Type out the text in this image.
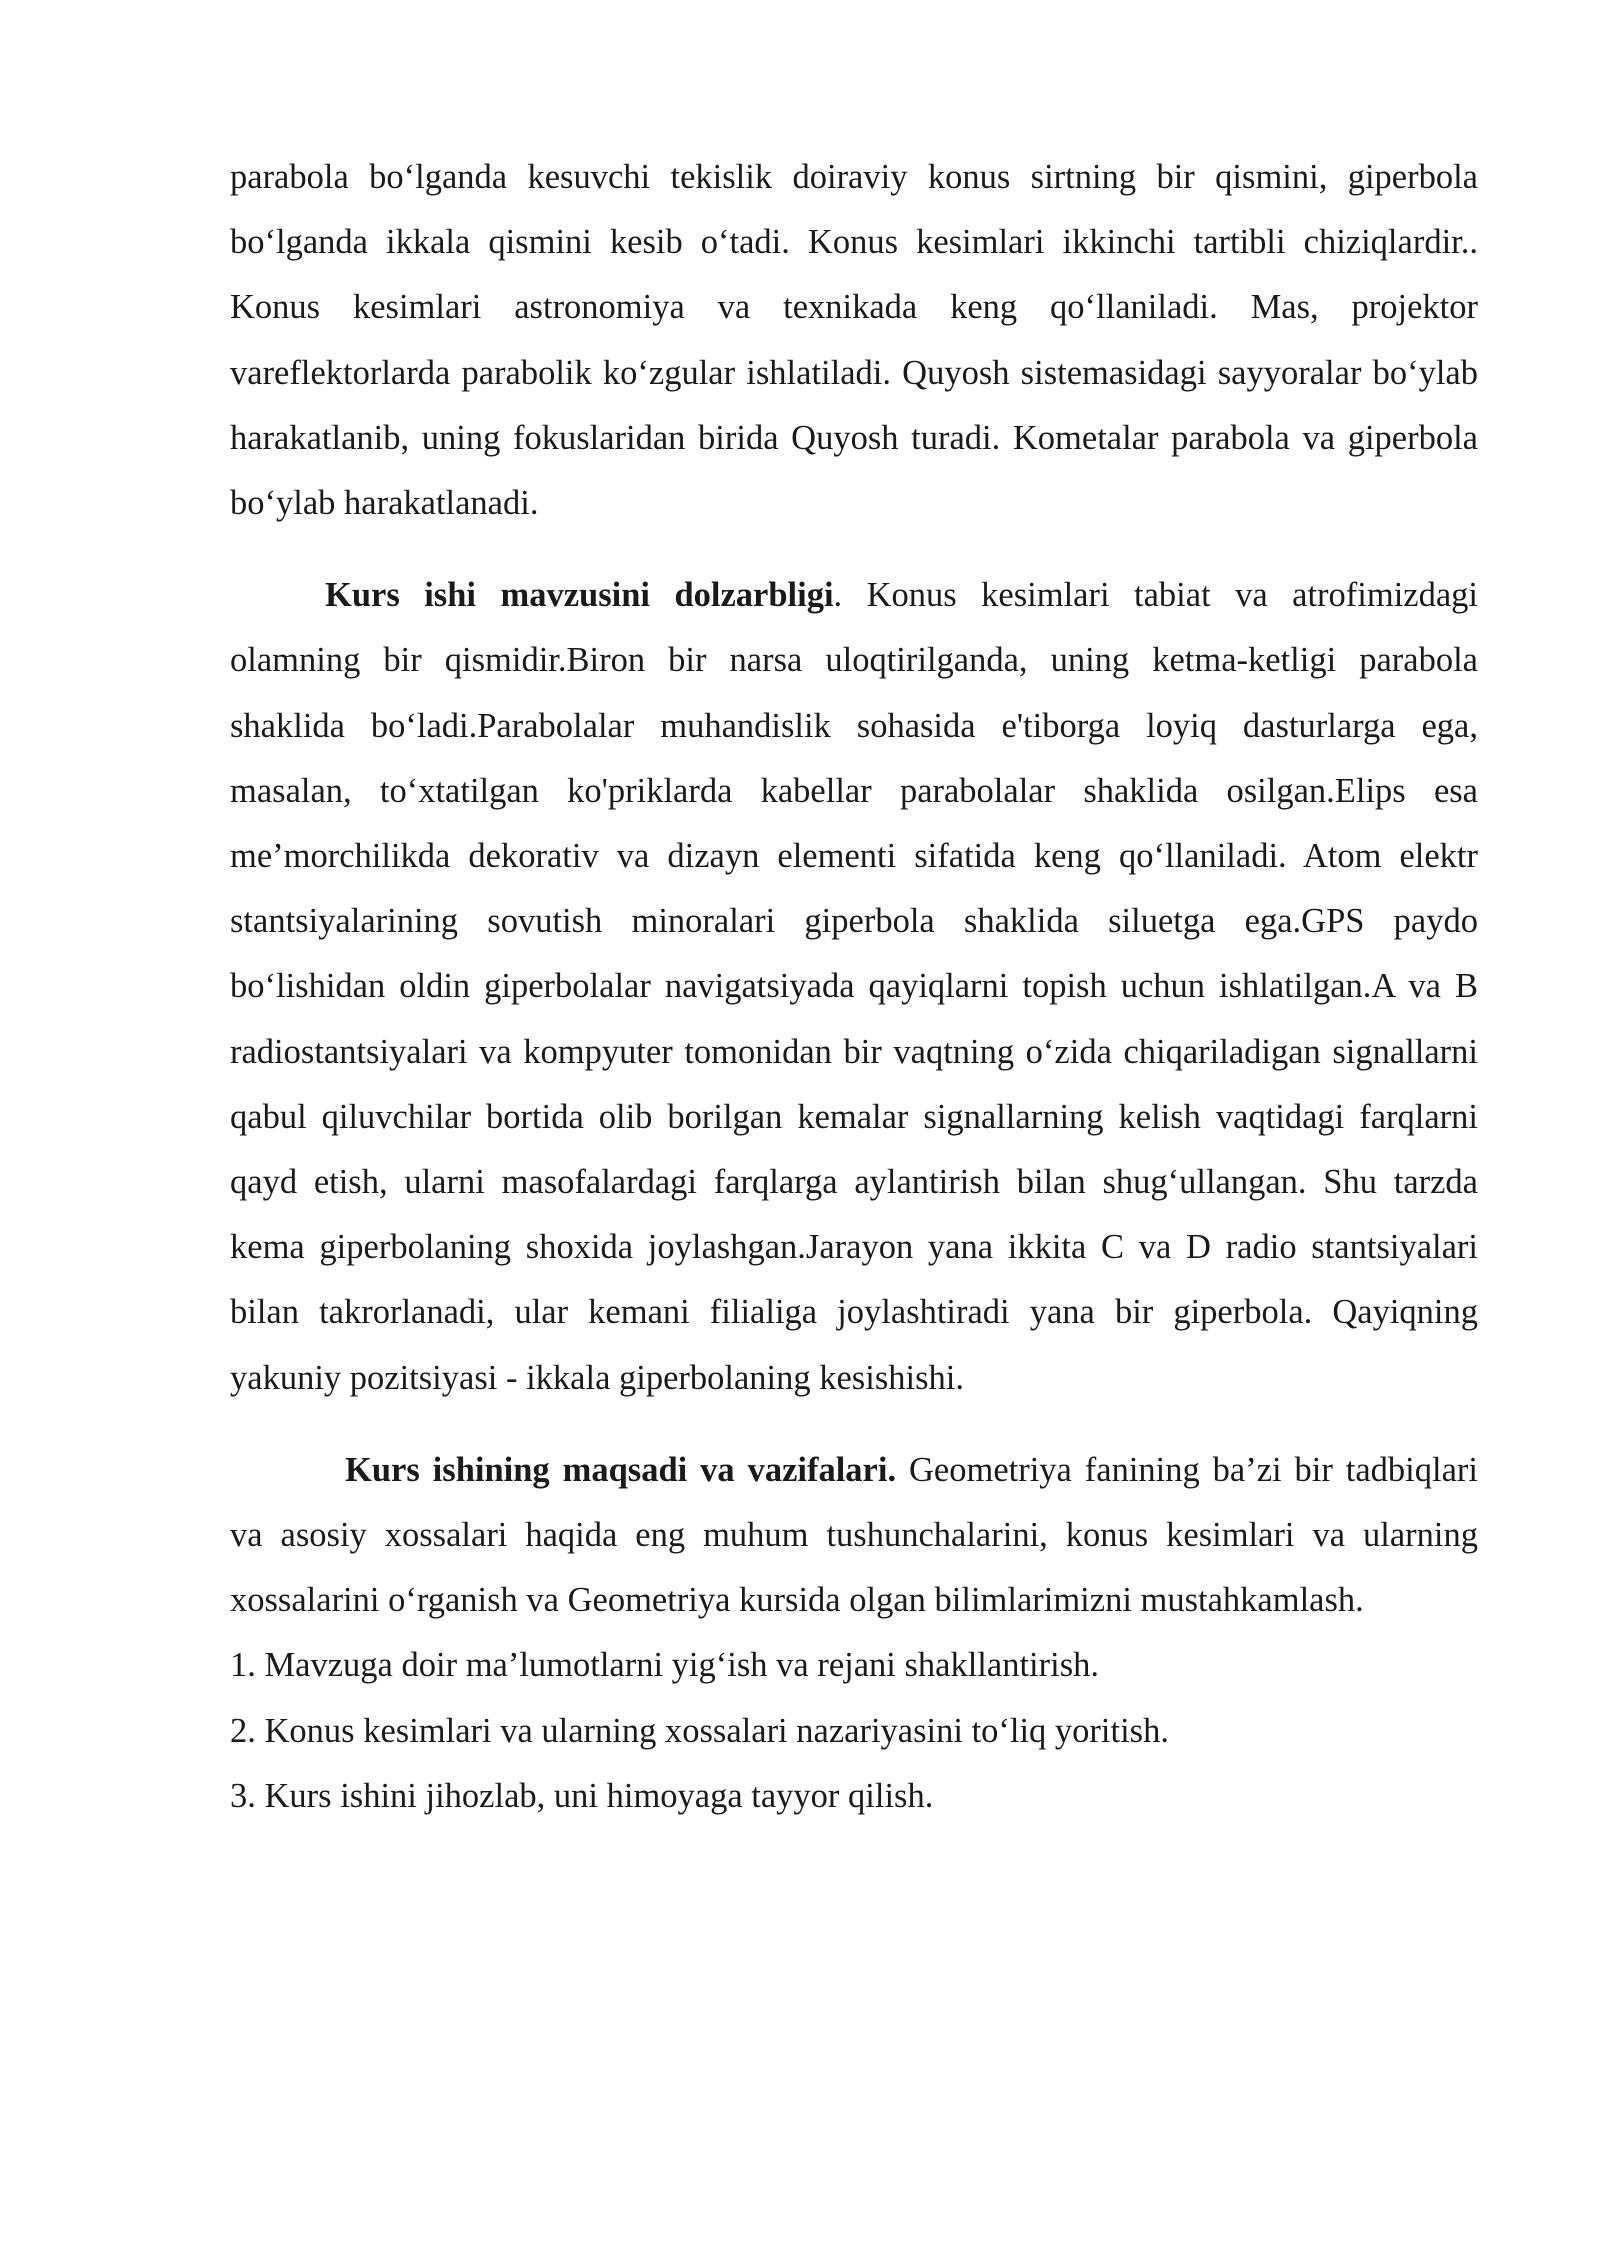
parabola bo‘lganda kesuvchi tekislik doiraviy konus sirtning bir qismini, giperbola bo‘lganda ikkala qismini kesib o‘tadi. Konus kesimlari ikkinchi tartibli chiziqlardir.. Konus kesimlari astronomiya va texnikada keng qo‘llaniladi. Mas, projektor vareflektorlarda parabolik ko‘zgular ishlatiladi. Quyosh sistemasidagi sayyoralar bo‘ylab harakatlanib, uning fokuslaridan birida Quyosh turadi. Kometalar parabola va giperbola bo‘ylab harakatlanadi.

Kurs ishi mavzusini dolzarbligi. Konus kesimlari tabiat va atrofimizdagi olamning bir qismidir.Biron bir narsa uloqtirilganda, uning ketma-ketligi parabola shaklida bo‘ladi.Parabolalar muhandislik sohasida e'tiborga loyiq dasturlarga ega, masalan, to‘xtatilgan ko'priklarda kabellar parabolalar shaklida osilgan.Elips esa me’morchilikda dekorativ va dizayn elementi sifatida keng qo‘llaniladi. Atom elektr stantsiyalarining sovutish minoralari giperbola shaklida siluetga ega.GPS paydo bo‘lishidan oldin giperbolalar navigatsiyada qayiqlarni topish uchun ishlatilgan.A va B radiostantsiyalari va kompyuter tomonidan bir vaqtning o‘zida chiqariladigan signallarni qabul qiluvchilar bortida olib borilgan kemalar signallarning kelish vaqtidagi farqlarni qayd etish, ularni masofalardagi farqlarga aylantirish bilan shug‘ullangan. Shu tarzda kema giperbolaning shoxida joylashgan.Jarayon yana ikkita C va D radio stantsiyalari bilan takrorlanadi, ular kemani filialiga joylashtiradi yana bir giperbola. Qayiqning yakuniy pozitsiyasi - ikkala giperbolaning kesishishi.

Kurs ishining maqsadi va vazifalari. Geometriya fanining ba’zi bir tadbiqlari va asosiy xossalari haqida eng muhum tushunchalarini, konus kesimlari va ularning xossalarini o‘rganish va Geometriya kursida olgan bilimlarimizni mustahkamlash.

1. Mavzuga doir ma’lumotlarni yig‘ish va rejani shakllantirish.
2. Konus kesimlari va ularning xossalari nazariyasini to‘liq yoritish.
3. Kurs ishini jihozlab, uni himoyaga tayyor qilish.
